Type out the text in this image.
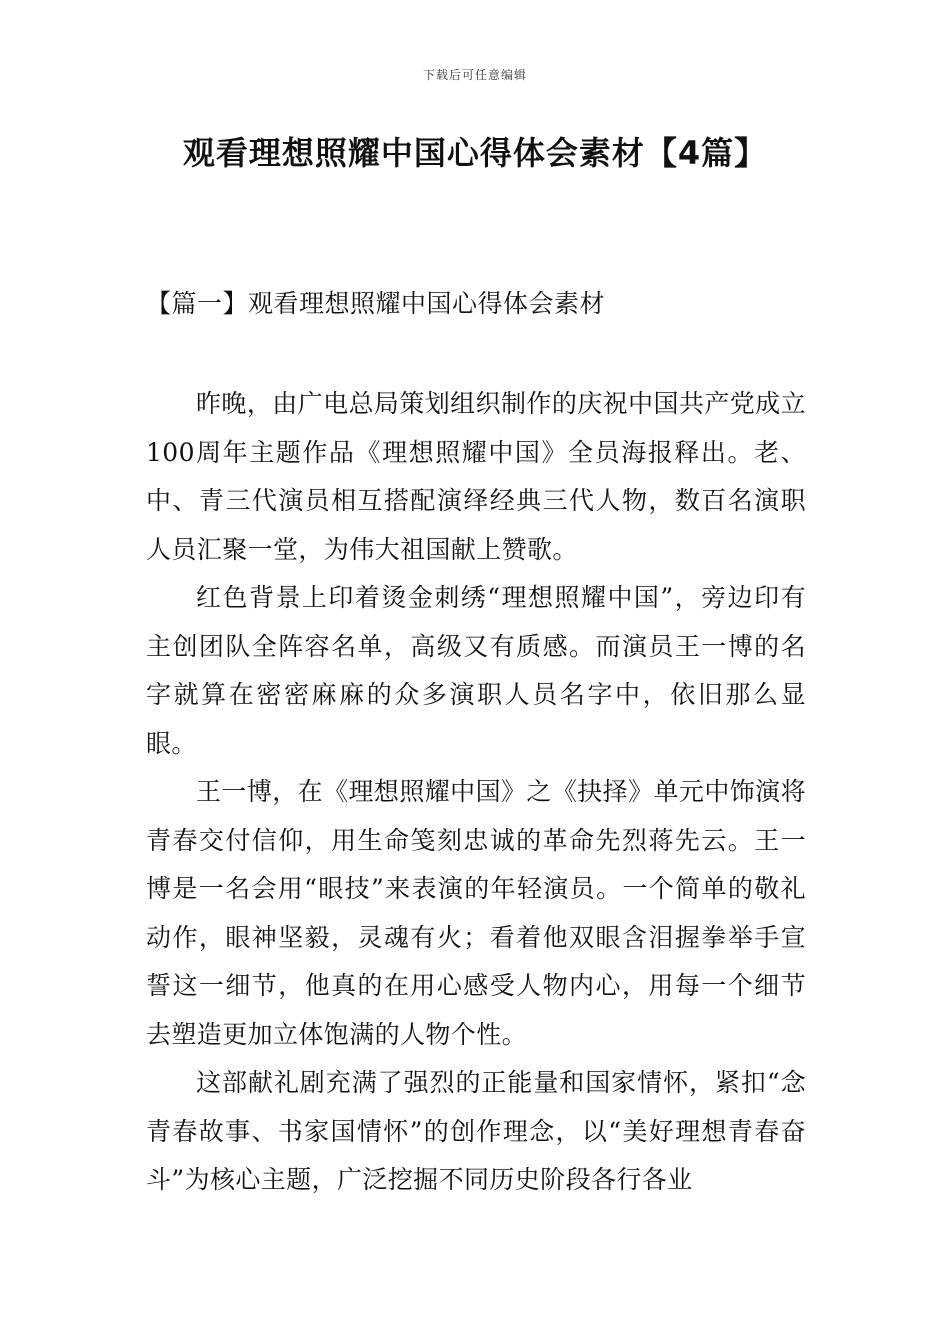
下载后可任意编辑
观看理想照耀中国心得体会素材【4篇】
【篇一】观看理想照耀中国心得体会素材

昨晚，由广电总局策划组织制作的庆祝中国共产党成立100周年主题作品《理想照耀中国》全员海报释出。老、中、青三代演员相互搭配演绎经典三代人物，数百名演职人员汇聚一堂，为伟大祖国献上赞歌。

红色背景上印着烫金刺绣“理想照耀中国”，旁边印有主创团队全阵容名单，高级又有质感。而演员王一博的名字就算在密密麻麻的众多演职人员名字中，依旧那么显眼。

王一博，在《理想照耀中国》之《抉择》单元中饰演将青春交付信仰，用生命笺刻忠诚的革命先烈蒋先云。王一博是一名会用“眼技”来表演的年轻演员。一个简单的敬礼动作，眼神坚毅，灵魂有火；看着他双眼含泪握拳举手宣誓这一细节，他真的在用心感受人物内心，用每一个细节去塑造更加立体饱满的人物个性。

这部献礼剧充满了强烈的正能量和国家情怀，紧扣“念青春故事、书家国情怀”的创作理念，以“美好理想青春奋斗”为核心主题，广泛挖掘不同历史阶段各行各业
